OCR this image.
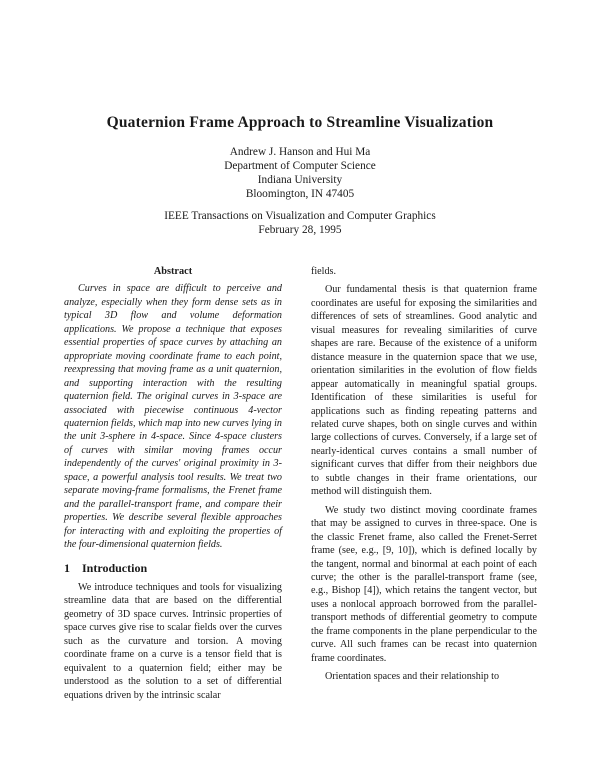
Quaternion Frame Approach to Streamline Visualization
Andrew J. Hanson and Hui Ma
Department of Computer Science
Indiana University
Bloomington, IN 47405
IEEE Transactions on Visualization and Computer Graphics
February 28, 1995
Abstract

Curves in space are difficult to perceive and analyze, especially when they form dense sets as in typical 3D flow and volume deformation applications. We propose a technique that exposes essential properties of space curves by attaching an appropriate moving coordinate frame to each point, reexpressing that moving frame as a unit quaternion, and supporting interaction with the resulting quaternion field. The original curves in 3-space are associated with piecewise continuous 4-vector quaternion fields, which map into new curves lying in the unit 3-sphere in 4-space. Since 4-space clusters of curves with similar moving frames occur independently of the curves' original proximity in 3-space, a powerful analysis tool results. We treat two separate moving-frame formalisms, the Frenet frame and the parallel-transport frame, and compare their properties. We describe several flexible approaches for interacting with and exploiting the properties of the four-dimensional quaternion fields.

1 Introduction

We introduce techniques and tools for visualizing streamline data that are based on the differential geometry of 3D space curves. Intrinsic properties of space curves give rise to scalar fields over the curves such as the curvature and torsion. A moving coordinate frame on a curve is a tensor field that is equivalent to a quaternion field; either may be understood as the solution to a set of differential equations driven by the intrinsic scalar

fields.

Our fundamental thesis is that quaternion frame coordinates are useful for exposing the similarities and differences of sets of streamlines. Good analytic and visual measures for revealing similarities of curve shapes are rare. Because of the existence of a uniform distance measure in the quaternion space that we use, orientation similarities in the evolution of flow fields appear automatically in meaningful spatial groups. Identification of these similarities is useful for applications such as finding repeating patterns and related curve shapes, both on single curves and within large collections of curves. Conversely, if a large set of nearly-identical curves contains a small number of significant curves that differ from their neighbors due to subtle changes in their frame orientations, our method will distinguish them.

We study two distinct moving coordinate frames that may be assigned to curves in three-space. One is the classic Frenet frame, also called the Frenet-Serret frame (see, e.g., [9, 10]), which is defined locally by the tangent, normal and binormal at each point of each curve; the other is the parallel-transport frame (see, e.g., Bishop [4]), which retains the tangent vector, but uses a nonlocal approach borrowed from the parallel-transport methods of differential geometry to compute the frame components in the plane perpendicular to the curve. All such frames can be recast into quaternion frame coordinates.

Orientation spaces and their relationship to
